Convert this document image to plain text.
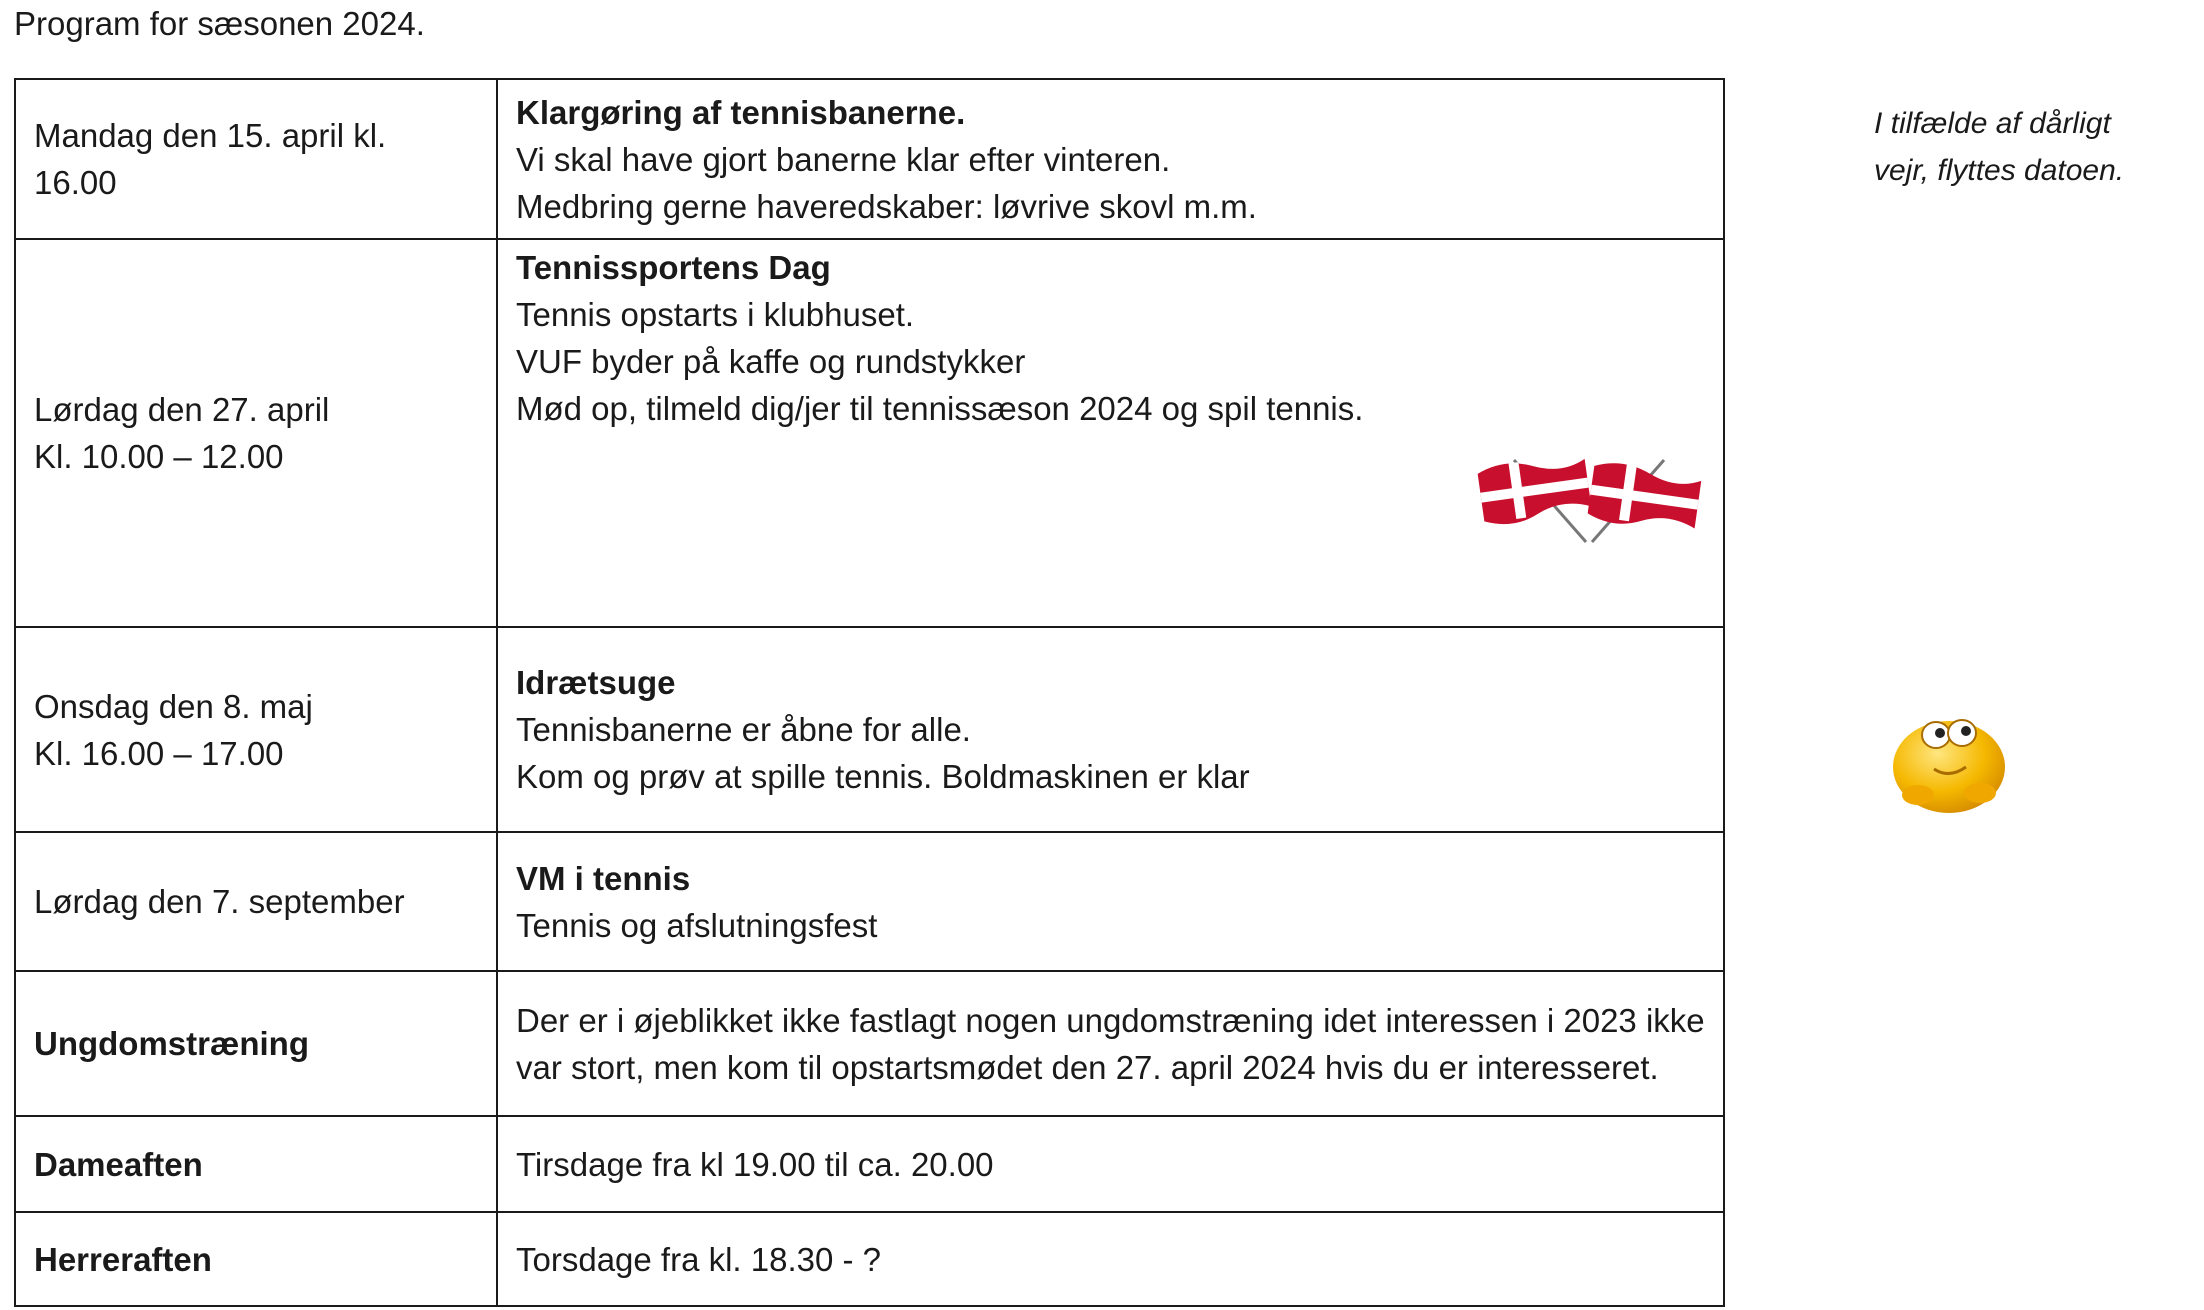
Program for sæsonen 2024.
Mandag den 15. april kl.
16.00	Klargøring af tennisbanerne.
Vi skal have gjort banerne klar efter vinteren.
Medbring gerne haveredskaber: løvrive skovl m.m.
I tilfælde af dårligt
vejr, flyttes datoen.

Lørdag den 27. april
Kl. 10.00 – 12.00	Tennissportens Dag
Tennis opstarts i klubhuset.
VUF byder på kaffe og rundstykker
Mød op, tilmeld dig/jer til tennissæson 2024 og spil tennis.

Onsdag den 8. maj
Kl. 16.00 – 17.00	Idrætsuge
Tennisbanerne er åbne for alle.
Kom og prøv at spille tennis. Boldmaskinen er klar

Lørdag den 7. september	VM i tennis
Tennis og afslutningsfest

Ungdomstræning	Der er i øjeblikket ikke fastlagt nogen ungdomstræning idet interessen i 2023 ikke var stort, men kom til opstartsmødet den 27. april 2024 hvis du er interesseret.
Dameaften	Tirsdage fra kl 19.00 til ca. 20.00
Herreraften	Torsdage fra kl. 18.30 - ?
